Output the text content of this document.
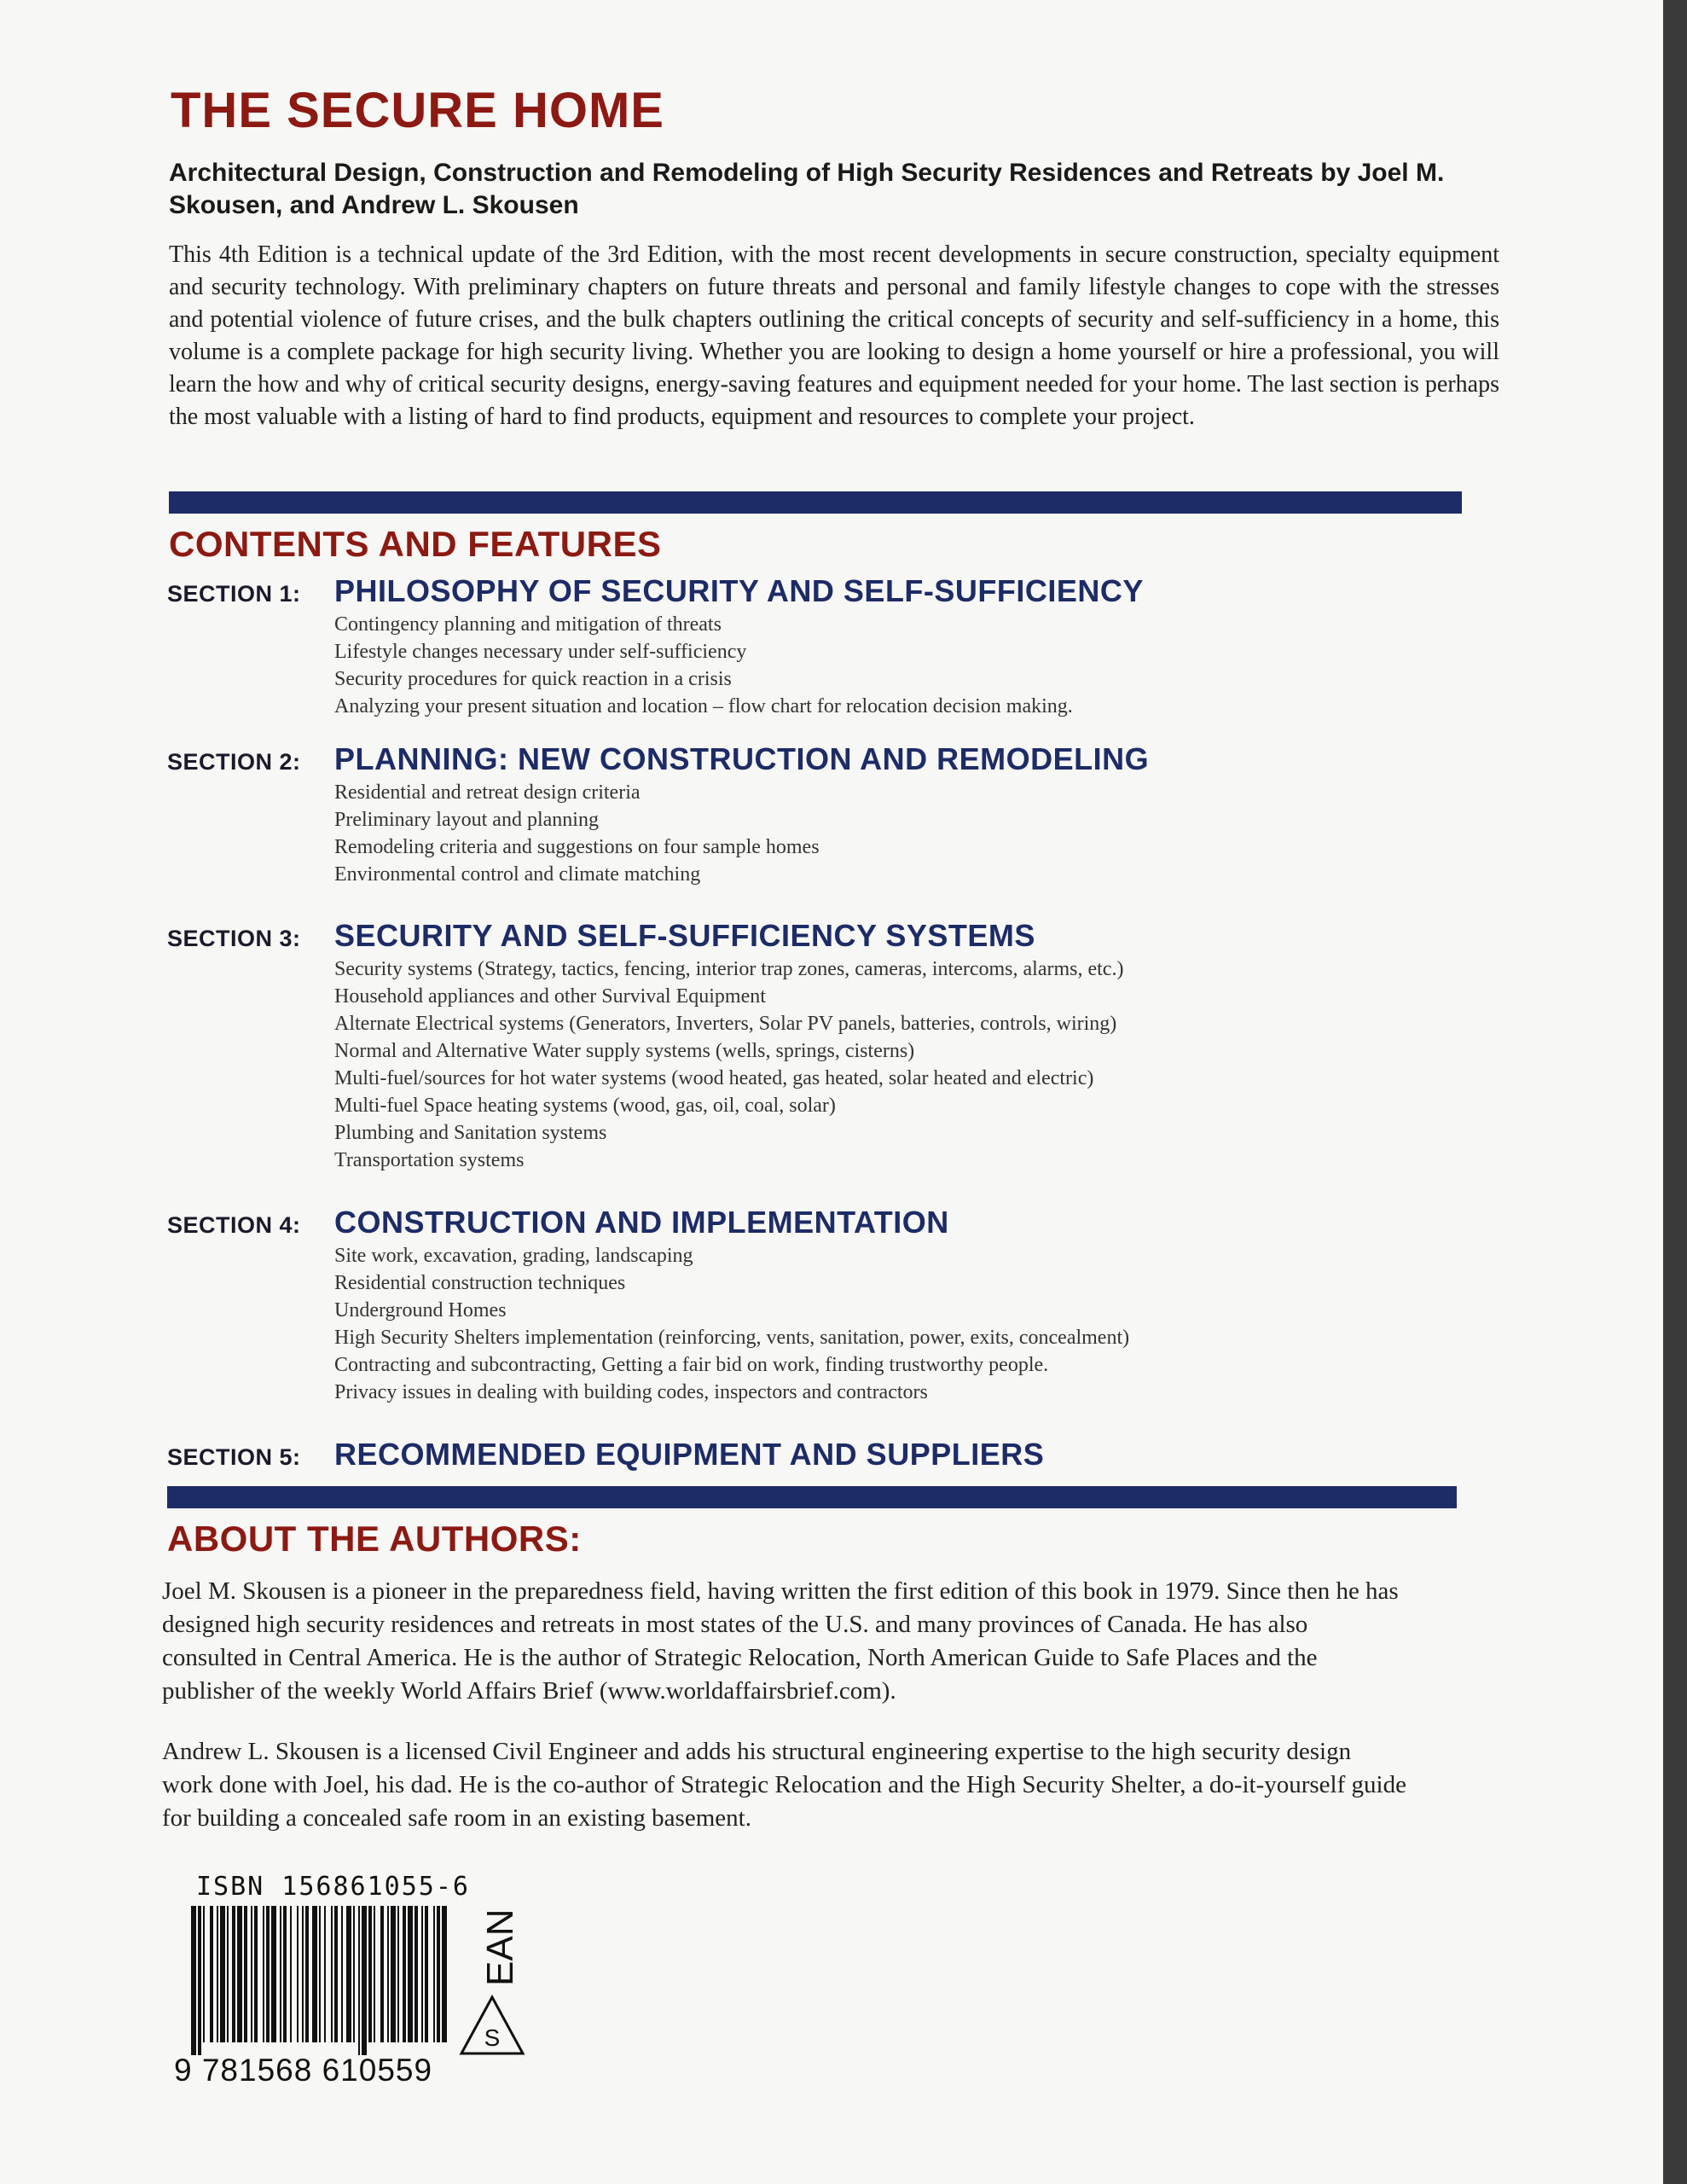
THE SECURE HOME
Architectural Design, Construction and Remodeling of High Security Residences and Retreats by Joel M. Skousen, and Andrew L. Skousen
This 4th Edition is a technical update of the 3rd Edition, with the most recent developments in secure construction, specialty equipment and security technology. With preliminary chapters on future threats and personal and family lifestyle changes to cope with the stresses and potential violence of future crises, and the bulk chapters outlining the critical concepts of security and self-sufficiency in a home, this volume is a complete package for high security living. Whether you are looking to design a home yourself or hire a professional, you will learn the how and why of critical security designs, energy-saving features and equipment needed for your home. The last section is perhaps the most valuable with a listing of hard to find products, equipment and resources to complete your project.
CONTENTS AND FEATURES
SECTION 1:	PHILOSOPHY OF SECURITY AND SELF-SUFFICIENCY
Contingency planning and mitigation of threats
Lifestyle changes necessary under self-sufficiency
Security procedures for quick reaction in a crisis
Analyzing your present situation and location – flow chart for relocation decision making.
SECTION 2:	PLANNING: NEW CONSTRUCTION AND REMODELING
Residential and retreat design criteria
Preliminary layout and planning
Remodeling criteria and suggestions on four sample homes
Environmental control and climate matching
SECTION 3:	SECURITY AND SELF-SUFFICIENCY SYSTEMS
Security systems (Strategy, tactics, fencing, interior trap zones, cameras, intercoms, alarms, etc.)
Household appliances and other Survival Equipment
Alternate Electrical systems (Generators, Inverters, Solar PV panels, batteries, controls, wiring)
Normal and Alternative Water supply systems (wells, springs, cisterns)
Multi-fuel/sources for hot water systems (wood heated, gas heated, solar heated and electric)
Multi-fuel Space heating systems (wood, gas, oil, coal, solar)
Plumbing and Sanitation systems
Transportation systems
SECTION 4:	CONSTRUCTION AND IMPLEMENTATION
Site work, excavation, grading, landscaping
Residential construction techniques
Underground Homes
High Security Shelters implementation (reinforcing, vents, sanitation, power, exits, concealment)
Contracting and subcontracting, Getting a fair bid on work, finding trustworthy people.
Privacy issues in dealing with building codes, inspectors and contractors
SECTION 5:	RECOMMENDED EQUIPMENT AND SUPPLIERS
ABOUT THE AUTHORS:

Joel M. Skousen is a pioneer in the preparedness field, having written the first edition of this book in 1979. Since then he has designed high security residences and retreats in most states of the U.S. and many provinces of Canada. He has also consulted in Central America. He is the author of Strategic Relocation, North American Guide to Safe Places and the publisher of the weekly World Affairs Brief (www.worldaffairsbrief.com).

Andrew L. Skousen is a licensed Civil Engineer and adds his structural engineering expertise to the high security design work done with Joel, his dad. He is the co-author of Strategic Relocation and the High Security Shelter, a do-it-yourself guide for building a concealed safe room in an existing basement.

ISBN 156861055-6
9 781568 610559
EAN
S
